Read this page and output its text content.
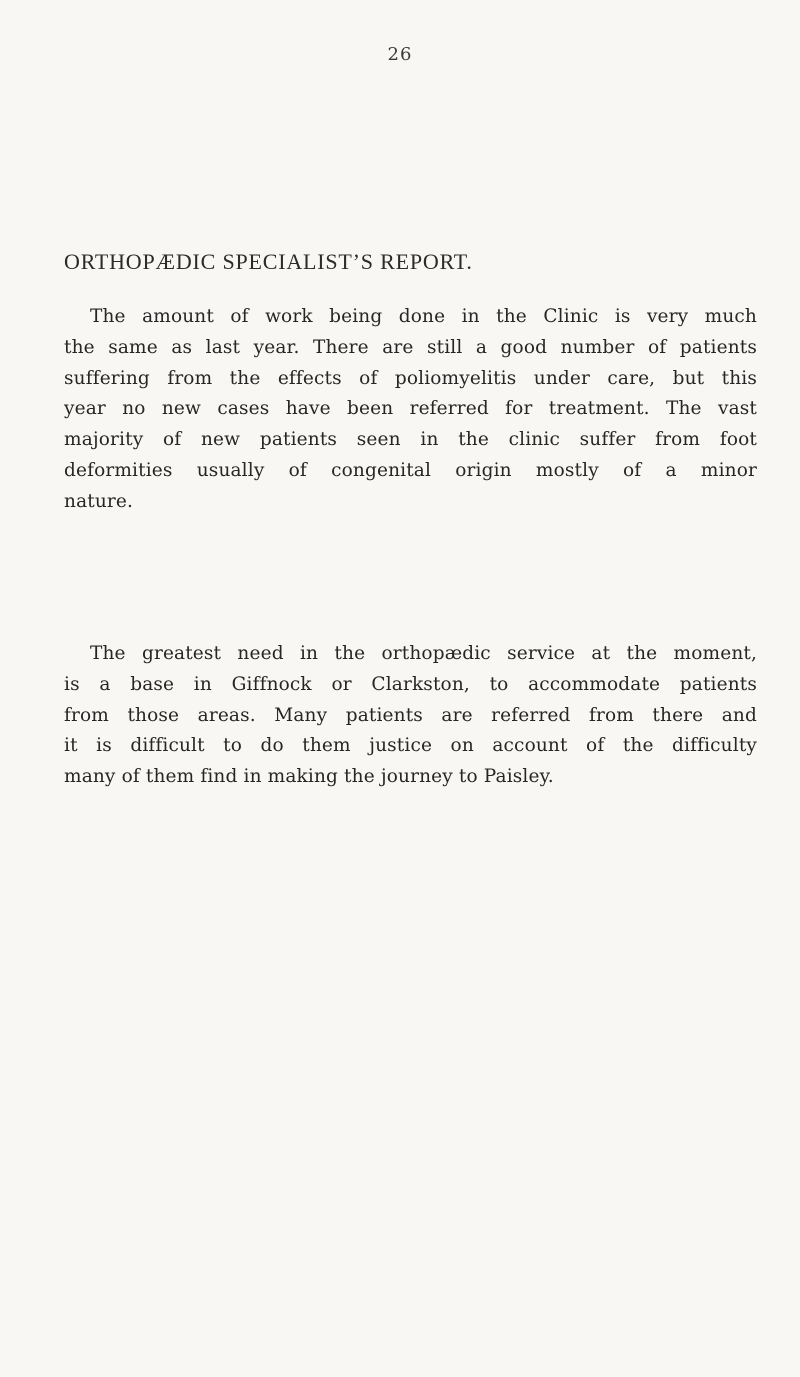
26
ORTHOPÆDIC SPECIALIST’S REPORT.
The amount of work being done in the Clinic is very much
the same as last year. There are still a good number of patients
suffering from the effects of poliomyelitis under care, but this
year no new cases have been referred for treatment. The vast
majority of new patients seen in the clinic suffer from foot
deformities usually of congenital origin mostly of a minor
nature.
The greatest need in the orthopædic service at the moment,
is a base in Giffnock or Clarkston, to accommodate patients
from those areas. Many patients are referred from there and
it is difficult to do them justice on account of the difficulty
many of them find in making the journey to Paisley.
